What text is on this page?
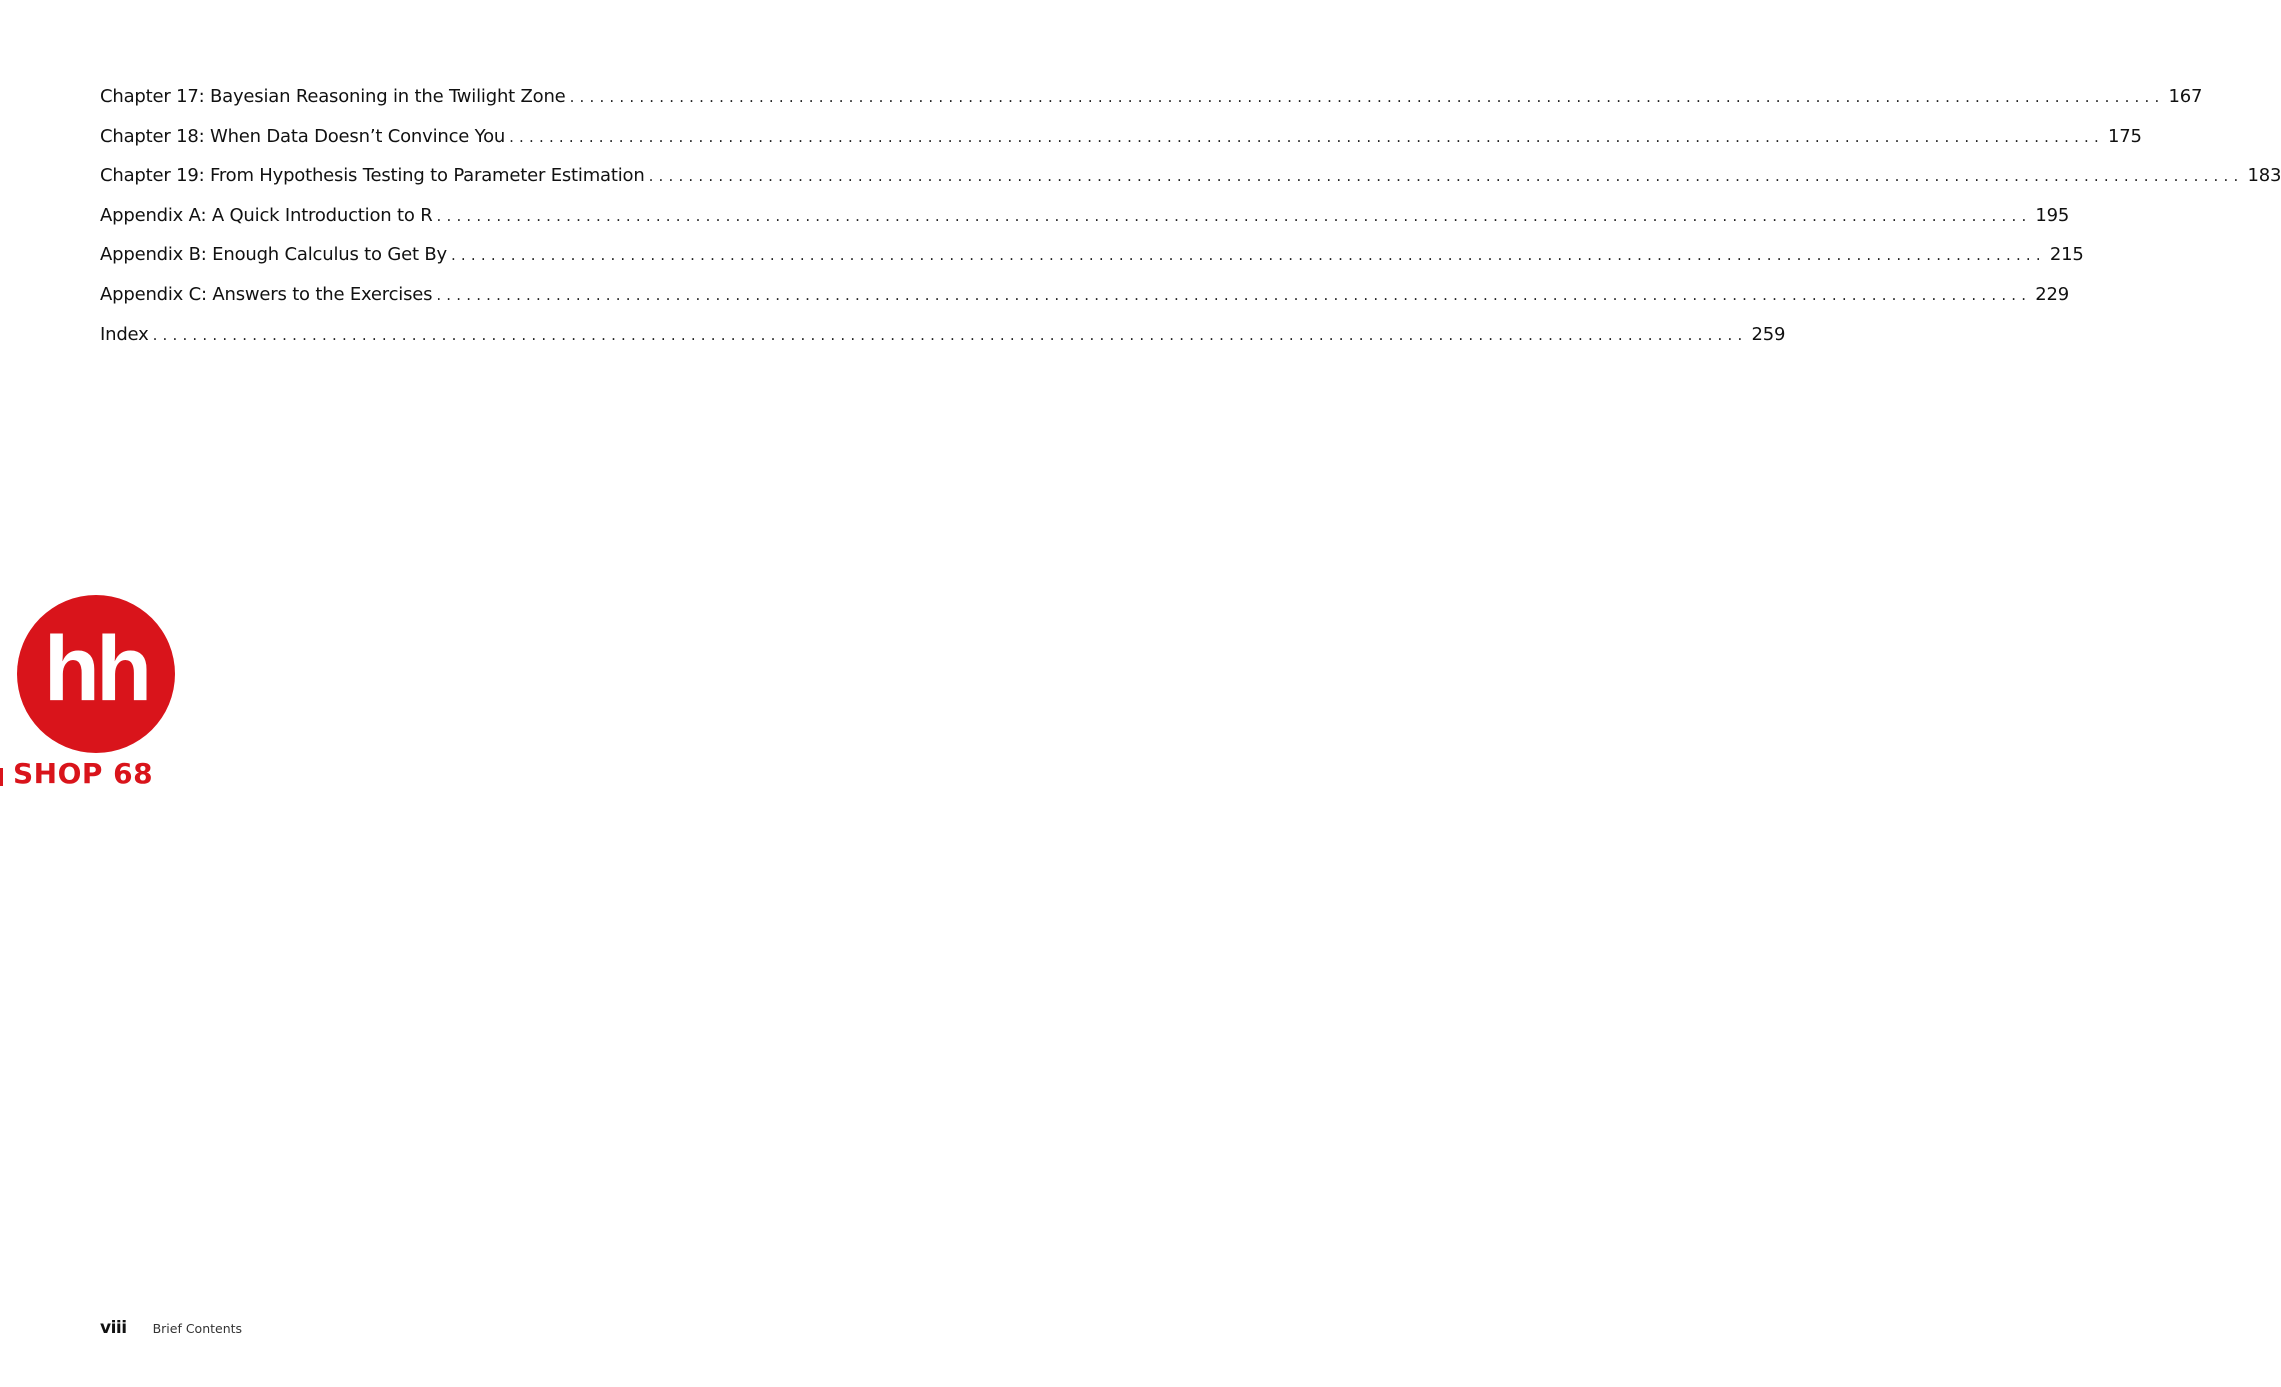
Chapter 17: Bayesian Reasoning in the Twilight Zone ................................................................................................................................................................ 167
Chapter 18: When Data Doesn’t Convince You ................................................................................................................................................................ 175
Chapter 19: From Hypothesis Testing to Parameter Estimation ................................................................................................................................................................ 183
Appendix A: A Quick Introduction to R ................................................................................................................................................................ 195
Appendix B: Enough Calculus to Get By ................................................................................................................................................................ 215
Appendix C: Answers to the Exercises ................................................................................................................................................................ 229
Index ................................................................................................................................................................ 259
hh
SHOP 68
viii Brief Contents
